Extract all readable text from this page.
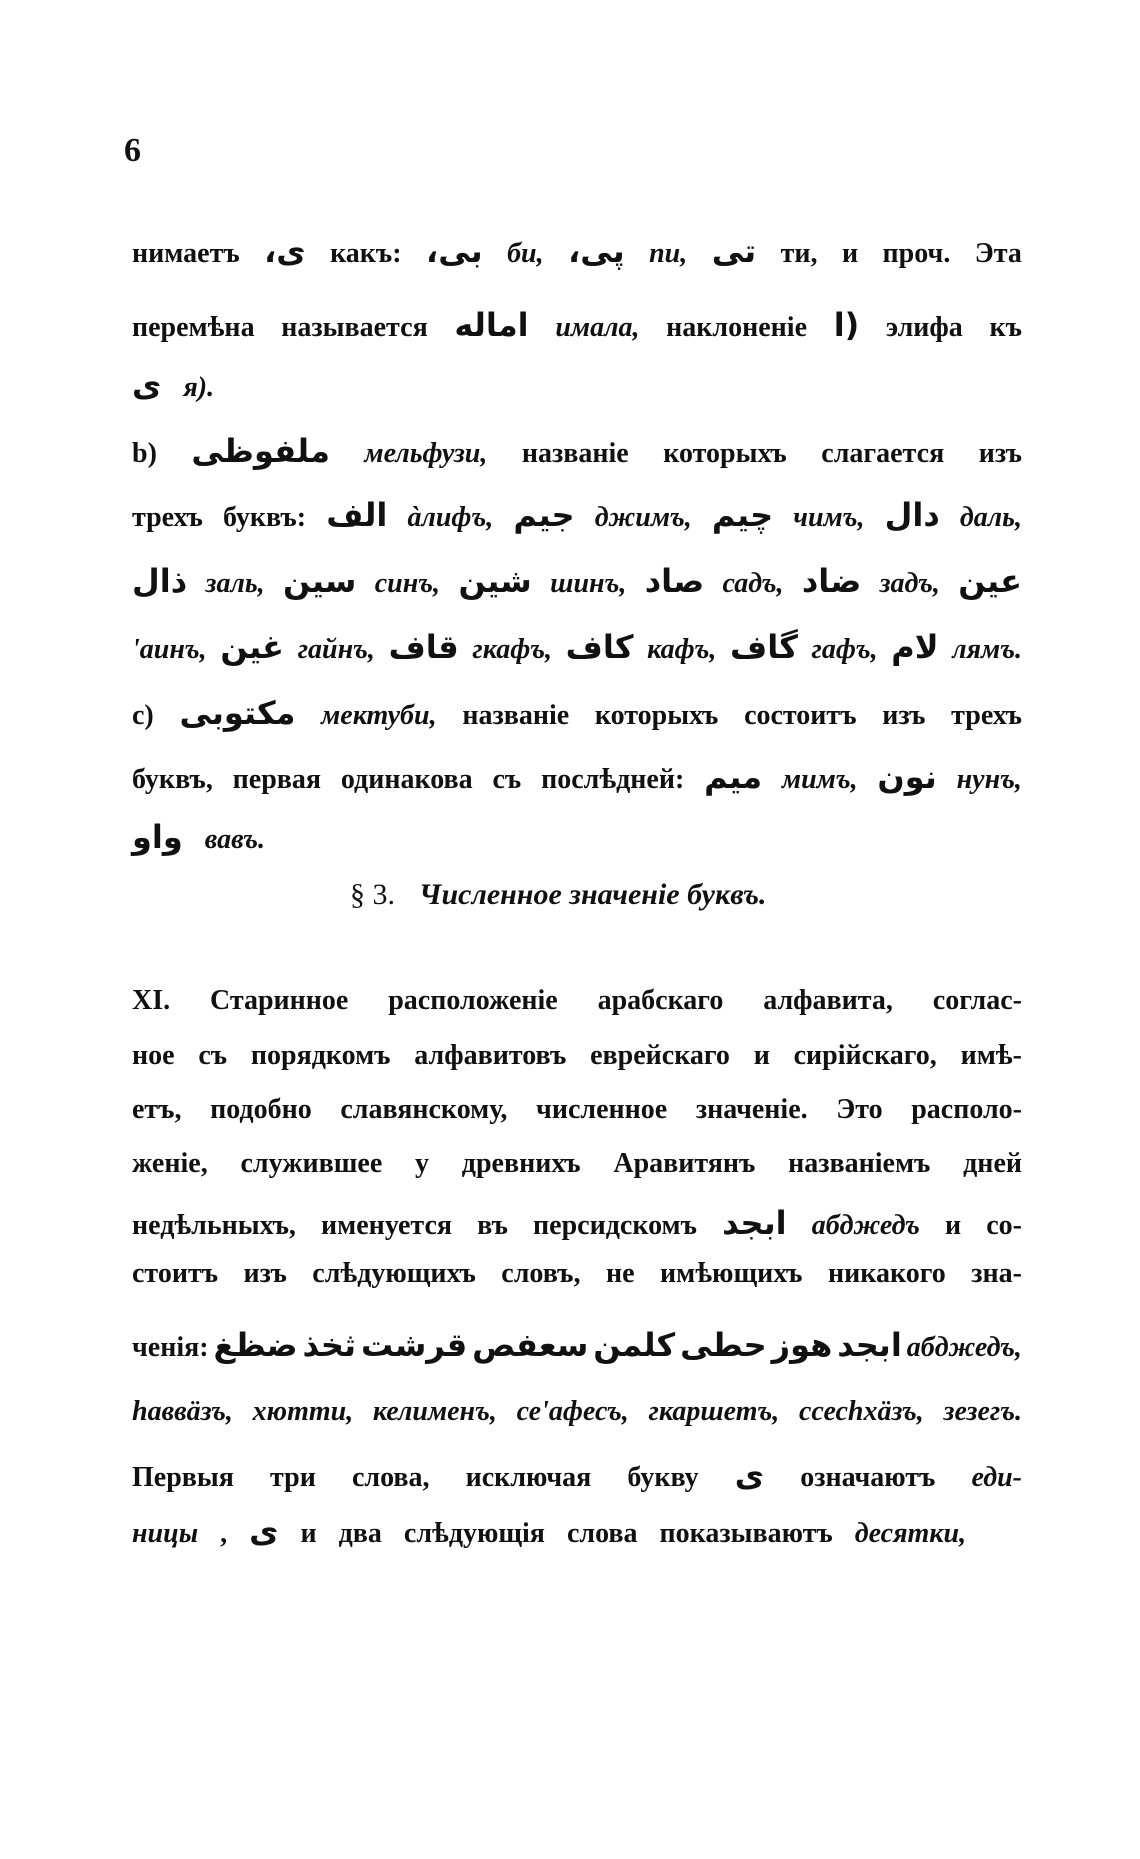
6
нимаетъ ى، какъ: بى، би, پى، пи, تى ти, и проч. Эта
перемѣна называется اماله имала, наклоненіе (ا элифа къ
ى я).
b) ملفوظى мельфузи, названіе которыхъ слагается изъ
трехъ буквъ: الف àлифъ, جيم джимъ, چيم чимъ, دال даль,
ذال заль, سين синъ, شين шинъ, صاد садъ, ضاد задъ, عين
'аинъ, غين гайнъ, قاف гкафъ, كاف кафъ, گاف гафъ, لام лямъ.
c) مكتوبى мектуби, названіе которыхъ состоитъ изъ трехъ
буквъ, первая одинакова съ послѣдней: ميم мимъ, نون нунъ,
واو вавъ.
XI. Старинное расположеніе арабскаго алфавита, соглас-
ное съ порядкомъ алфавитовъ еврейскаго и сирійскаго, имѣ-
етъ, подобно славянскому, численное значеніе. Это располо-
женіе, служившее у древнихъ Аравитянъ названіемъ дней
недѣльныхъ, именуется въ персидскомъ ابجد абджедъ и со-
стоитъ изъ слѣдующихъ словъ, не имѣющихъ никакого зна-
ченія: ضظغ ثخذ قرشت سعفص كلمن حطى هوز ابجد абджедъ,
hаввäзъ, хютти, келименъ, се'афесъ, гкаршетъ, ссесhхäзъ, зезегъ.
Первыя три слова, исключая букву ى означаютъ еди-
ницы , ى и два слѣдующія слова показываютъ десятки,
§ 3. Численное значеніе буквъ.
